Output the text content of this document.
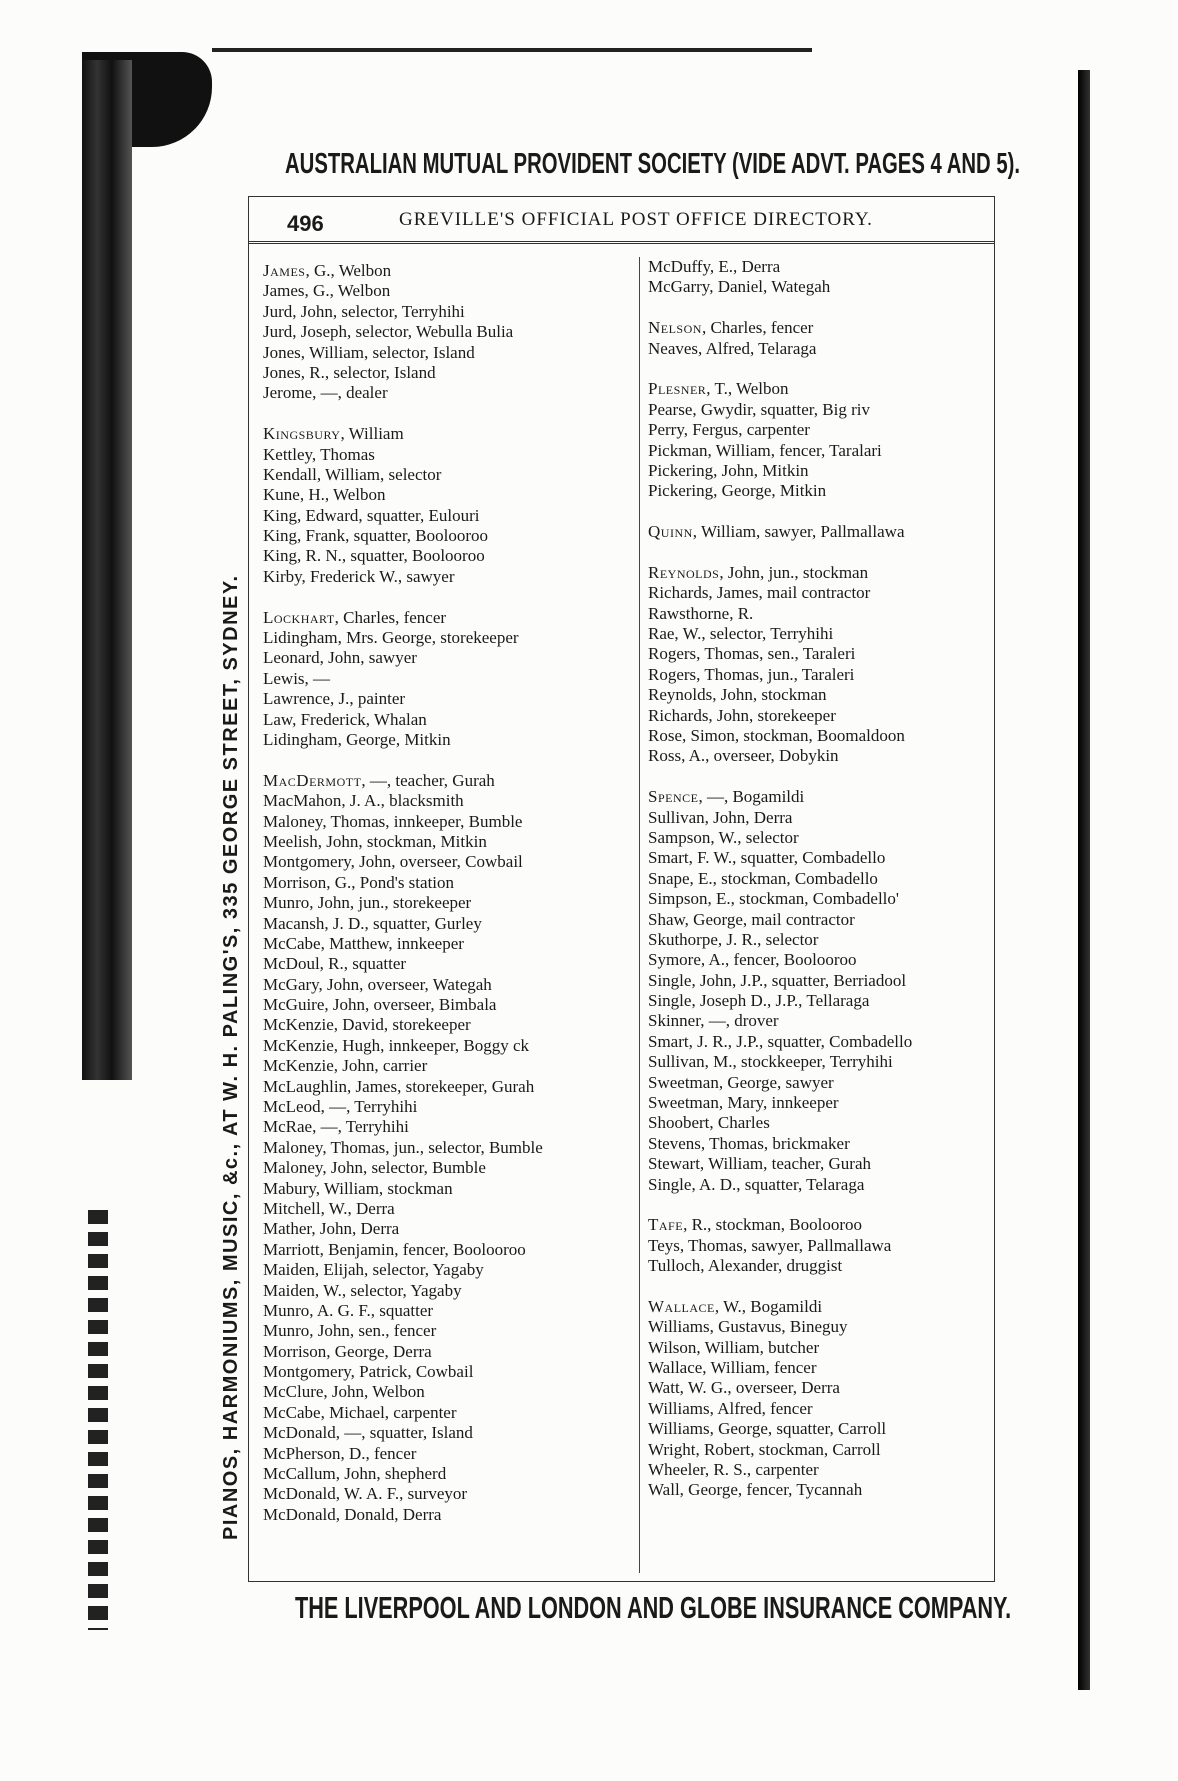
AUSTRALIAN MUTUAL PROVIDENT SOCIETY (VIDE ADVT. PAGES 4 AND 5).
PIANOS, HARMONIUMS, MUSIC, &c., AT W. H. PALING'S, 335 GEORGE STREET, SYDNEY.
496	GREVILLE'S OFFICIAL POST OFFICE DIRECTORY.
James, G., Welbon
James, G., Welbon
Jurd, John, selector, Terryhihi
Jurd, Joseph, selector, Webulla Bulia
Jones, William, selector, Island
Jones, R., selector, Island
Jerome, —, dealer
Kingsbury, William
Kettley, Thomas
Kendall, William, selector
Kune, H., Welbon
King, Edward, squatter, Eulouri
King, Frank, squatter, Boolooroo
King, R. N., squatter, Boolooroo
Kirby, Frederick W., sawyer
Lockhart, Charles, fencer
Lidingham, Mrs. George, storekeeper
Leonard, John, sawyer
Lewis, —
Lawrence, J., painter
Law, Frederick, Whalan
Lidingham, George, Mitkin
MacDermott, —, teacher, Gurah
MacMahon, J. A., blacksmith
Maloney, Thomas, innkeeper, Bumble
Meelish, John, stockman, Mitkin
Montgomery, John, overseer, Cowbail
Morrison, G., Pond's station
Munro, John, jun., storekeeper
Macansh, J. D., squatter, Gurley
McCabe, Matthew, innkeeper
McDoul, R., squatter
McGary, John, overseer, Wategah
McGuire, John, overseer, Bimbala
McKenzie, David, storekeeper
McKenzie, Hugh, innkeeper, Boggy ck
McKenzie, John, carrier
McLaughlin, James, storekeeper, Gurah
McLeod, —, Terryhihi
McRae, —, Terryhihi
Maloney, Thomas, jun., selector, Bumble
Maloney, John, selector, Bumble
Mabury, William, stockman
Mitchell, W., Derra
Mather, John, Derra
Marriott, Benjamin, fencer, Boolooroo
Maiden, Elijah, selector, Yagaby
Maiden, W., selector, Yagaby
Munro, A. G. F., squatter
Munro, John, sen., fencer
Morrison, George, Derra
Montgomery, Patrick, Cowbail
McClure, John, Welbon
McCabe, Michael, carpenter
McDonald, —, squatter, Island
McPherson, D., fencer
McCallum, John, shepherd
McDonald, W. A. F., surveyor
McDonald, Donald, Derra
McDuffy, E., Derra
McGarry, Daniel, Wategah
Nelson, Charles, fencer
Neaves, Alfred, Telaraga
Plesner, T., Welbon
Pearse, Gwydir, squatter, Big riv
Perry, Fergus, carpenter
Pickman, William, fencer, Taralari
Pickering, John, Mitkin
Pickering, George, Mitkin
Quinn, William, sawyer, Pallmallawa
Reynolds, John, jun., stockman
Richards, James, mail contractor
Rawsthorne, R.
Rae, W., selector, Terryhihi
Rogers, Thomas, sen., Taraleri
Rogers, Thomas, jun., Taraleri
Reynolds, John, stockman
Richards, John, storekeeper
Rose, Simon, stockman, Boomaldoon
Ross, A., overseer, Dobykin
Spence, —, Bogamildi
Sullivan, John, Derra
Sampson, W., selector
Smart, F. W., squatter, Combadello
Snape, E., stockman, Combadello
Simpson, E., stockman, Combadello'
Shaw, George, mail contractor
Skuthorpe, J. R., selector
Symore, A., fencer, Boolooroo
Single, John, J.P., squatter, Berriadool
Single, Joseph D., J.P., Tellaraga
Skinner, —, drover
Smart, J. R., J.P., squatter, Combadello
Sullivan, M., stockkeeper, Terryhihi
Sweetman, George, sawyer
Sweetman, Mary, innkeeper
Shoobert, Charles
Stevens, Thomas, brickmaker
Stewart, William, teacher, Gurah
Single, A. D., squatter, Telaraga
Tafe, R., stockman, Boolooroo
Teys, Thomas, sawyer, Pallmallawa
Tulloch, Alexander, druggist
Wallace, W., Bogamildi
Williams, Gustavus, Bineguy
Wilson, William, butcher
Wallace, William, fencer
Watt, W. G., overseer, Derra
Williams, Alfred, fencer
Williams, George, squatter, Carroll
Wright, Robert, stockman, Carroll
Wheeler, R. S., carpenter
Wall, George, fencer, Tycannah
THE LIVERPOOL AND LONDON AND GLOBE INSURANCE COMPANY.
